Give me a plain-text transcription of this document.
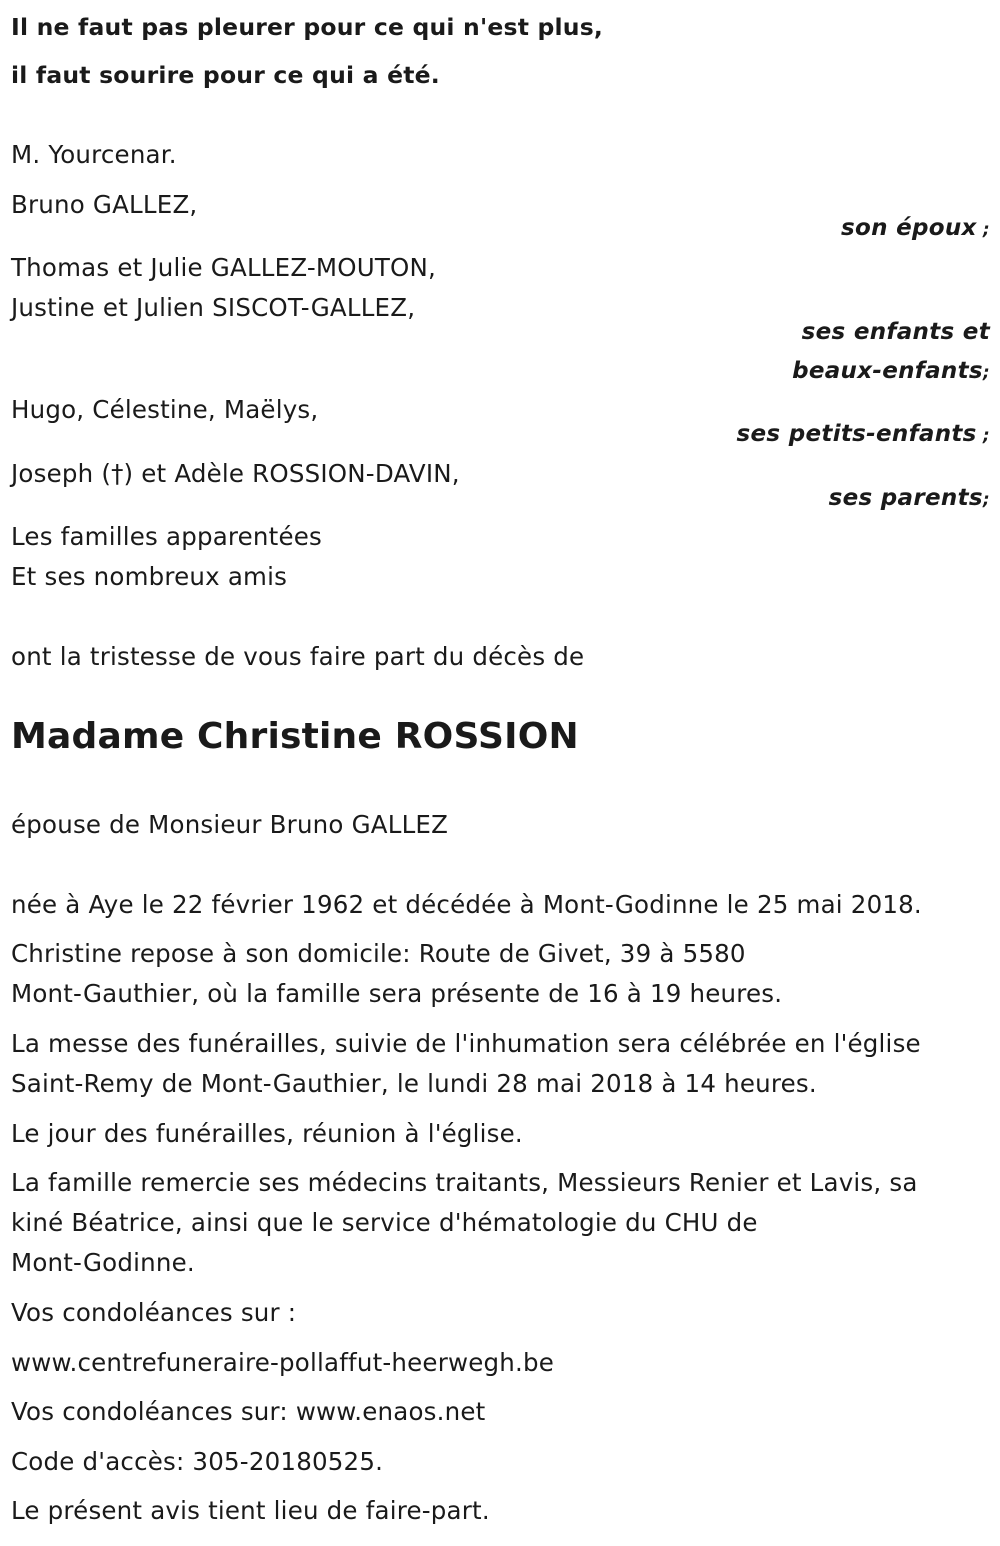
Il ne faut pas pleurer pour ce qui n'est plus,

il faut sourire pour ce qui a été.

M. Yourcenar.

Bruno GALLEZ,

son époux ;

Thomas et Julie GALLEZ-MOUTON,

Justine et Julien SISCOT-GALLEZ,

ses enfants et

beaux-enfants;

Hugo, Célestine, Maëlys,

ses petits-enfants ;

Joseph (†) et Adèle ROSSION-DAVIN,

ses parents;

Les familles apparentées

Et ses nombreux amis

ont la tristesse de vous faire part du décès de

Madame Christine ROSSION

épouse de Monsieur Bruno GALLEZ

née à Aye le 22 février 1962 et décédée à Mont-Godinne le 25 mai 2018.

Christine repose à son domicile: Route de Givet, 39 à 5580

Mont-Gauthier, où la famille sera présente de 16 à 19 heures.

La messe des funérailles, suivie de l'inhumation sera célébrée en l'église

Saint-Remy de Mont-Gauthier, le lundi 28 mai 2018 à 14 heures.

Le jour des funérailles, réunion à l'église.

La famille remercie ses médecins traitants, Messieurs Renier et Lavis, sa

kiné Béatrice, ainsi que le service d'hématologie du CHU de

Mont-Godinne.

Vos condoléances sur :

www.centrefuneraire-pollaffut-heerwegh.be

Vos condoléances sur: www.enaos.net

Code d'accès: 305-20180525.

Le présent avis tient lieu de faire-part.
